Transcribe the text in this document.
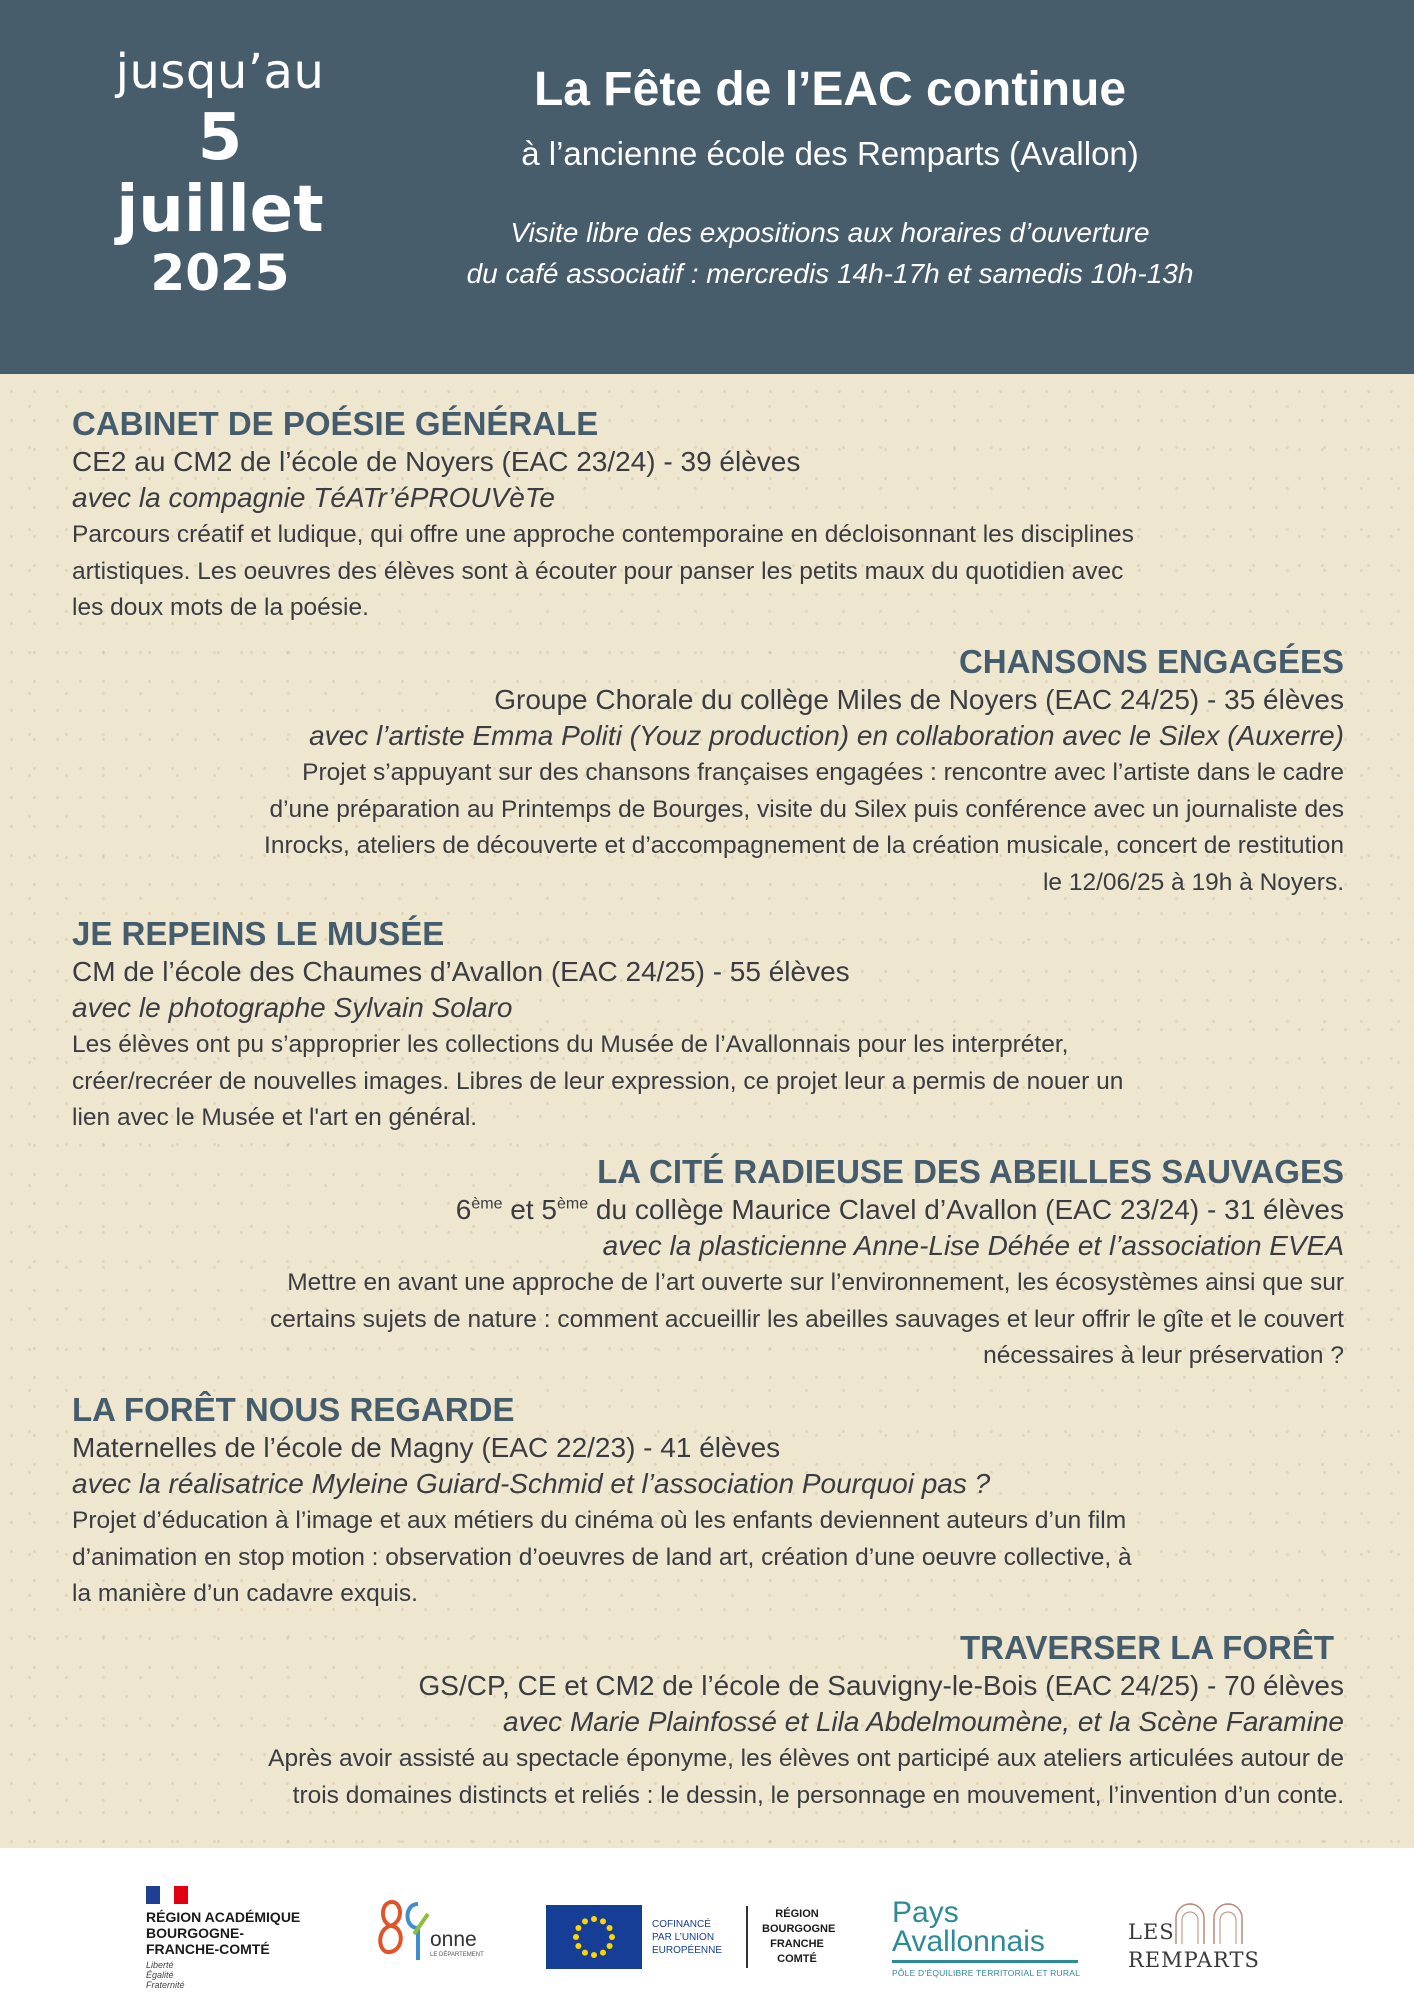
jusqu’au
5
juillet
2025
La Fête de l’EAC continue
à l’ancienne école des Remparts (Avallon)
Visite libre des expositions aux horaires d’ouverture
du café associatif : mercredis 14h-17h et samedis 10h-13h
CABINET DE POÉSIE GÉNÉRALE
CE2 au CM2 de l’école de Noyers (EAC 23/24) - 39 élèves
avec la compagnie TéATr’éPROUVèTe
Parcours créatif et ludique, qui offre une approche contemporaine en décloisonnant les disciplines
artistiques. Les oeuvres des élèves sont à écouter pour panser les petits maux du quotidien avec
les doux mots de la poésie.
CHANSONS ENGAGÉES
Groupe Chorale du collège Miles de Noyers (EAC 24/25) - 35 élèves
avec l’artiste Emma Politi (Youz production) en collaboration avec le Silex (Auxerre)
Projet s’appuyant sur des chansons françaises engagées : rencontre avec l’artiste dans le cadre
d’une préparation au Printemps de Bourges, visite du Silex puis conférence avec un journaliste des
Inrocks, ateliers de découverte et d’accompagnement de la création musicale, concert de restitution
le 12/06/25 à 19h à Noyers.
JE REPEINS LE MUSÉE
CM de l’école des Chaumes d’Avallon (EAC 24/25) - 55 élèves
avec le photographe Sylvain Solaro
Les élèves ont pu s’approprier les collections du Musée de l’Avallonnais pour les interpréter,
créer/recréer de nouvelles images. Libres de leur expression, ce projet leur a permis de nouer un
lien avec le Musée et l'art en général.
LA CITÉ RADIEUSE DES ABEILLES SAUVAGES
6ème et 5ème du collège Maurice Clavel d’Avallon (EAC 23/24) - 31 élèves
avec la plasticienne Anne-Lise Déhée et l’association EVEA
Mettre en avant une approche de l’art ouverte sur l’environnement, les écosystèmes ainsi que sur
certains sujets de nature : comment accueillir les abeilles sauvages et leur offrir le gîte et le couvert
nécessaires à leur préservation ?
LA FORÊT NOUS REGARDE
Maternelles de l’école de Magny (EAC 22/23) - 41 élèves
avec la réalisatrice Myleine Guiard-Schmid et l’association Pourquoi pas ?
Projet d’éducation à l’image et aux métiers du cinéma où les enfants deviennent auteurs d’un film
d’animation en stop motion : observation d’oeuvres de land art, création d’une oeuvre collective, à
la manière d’un cadavre exquis.
TRAVERSER LA FORÊT
GS/CP, CE et CM2 de l’école de Sauvigny-le-Bois (EAC 24/25) - 70 élèves
avec Marie Plainfossé et Lila Abdelmoumène, et la Scène Faramine
Après avoir assisté au spectacle éponyme, les élèves ont participé aux ateliers articulées autour de
trois domaines distincts et reliés : le dessin, le personnage en mouvement, l’invention d’un conte.
RÉGION ACADÉMIQUE
BOURGOGNE-
FRANCHE-COMTÉ
Liberté
Égalité
Fraternité
onne
LE DÉPARTEMENT
COFINANCÉ
PAR L’UNION
EUROPÉENNE
RÉGION
BOURGOGNE
FRANCHE
COMTÉ
Pays
Avallonnais
PÔLE D’ÉQUILIBRE TERRITORIAL ET RURAL
LES
REMPARTS
